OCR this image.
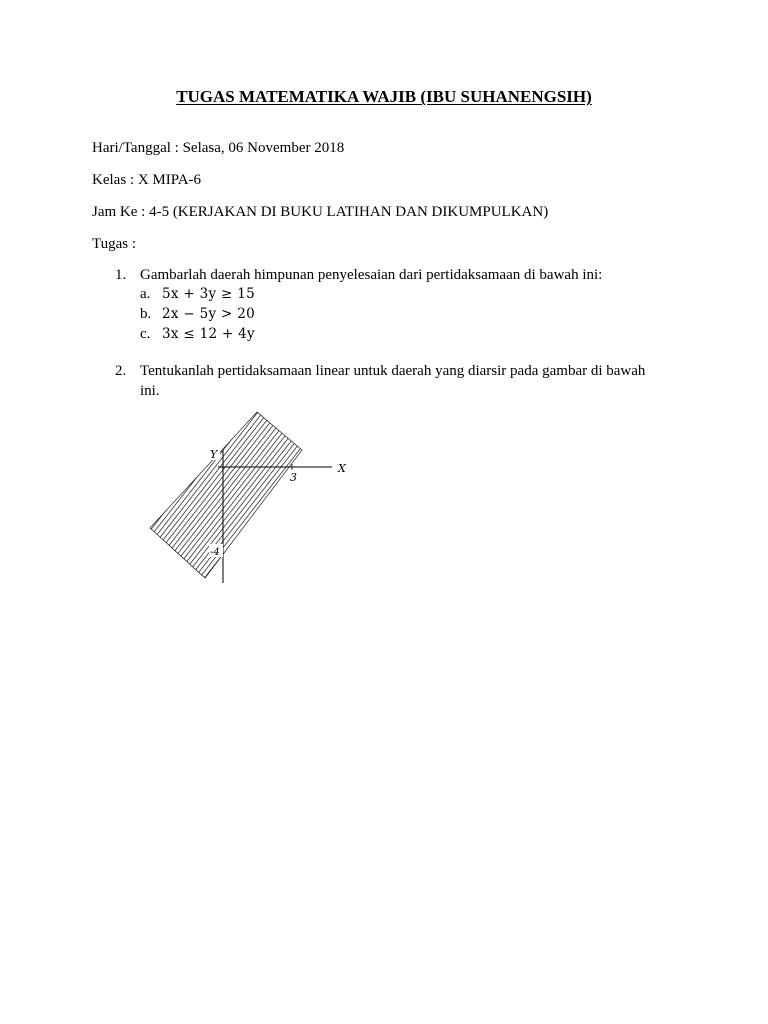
TUGAS MATEMATIKA WAJIB (IBU SUHANENGSIH)
Hari/Tanggal : Selasa, 06 November 2018
Kelas : X MIPA-6
Jam Ke : 4-5 (KERJAKAN DI BUKU LATIHAN DAN DIKUMPULKAN)
Tugas :
1. Gambarlah daerah himpunan penyelesaian dari pertidaksamaan di bawah ini:
a. 5x + 3y ≥ 15
b. 2x − 5y > 20
c. 3x ≤ 12 + 4y
2. Tentukanlah pertidaksamaan linear untuk daerah yang diarsir pada gambar di bawah
ini.
Y
X
3
-4
